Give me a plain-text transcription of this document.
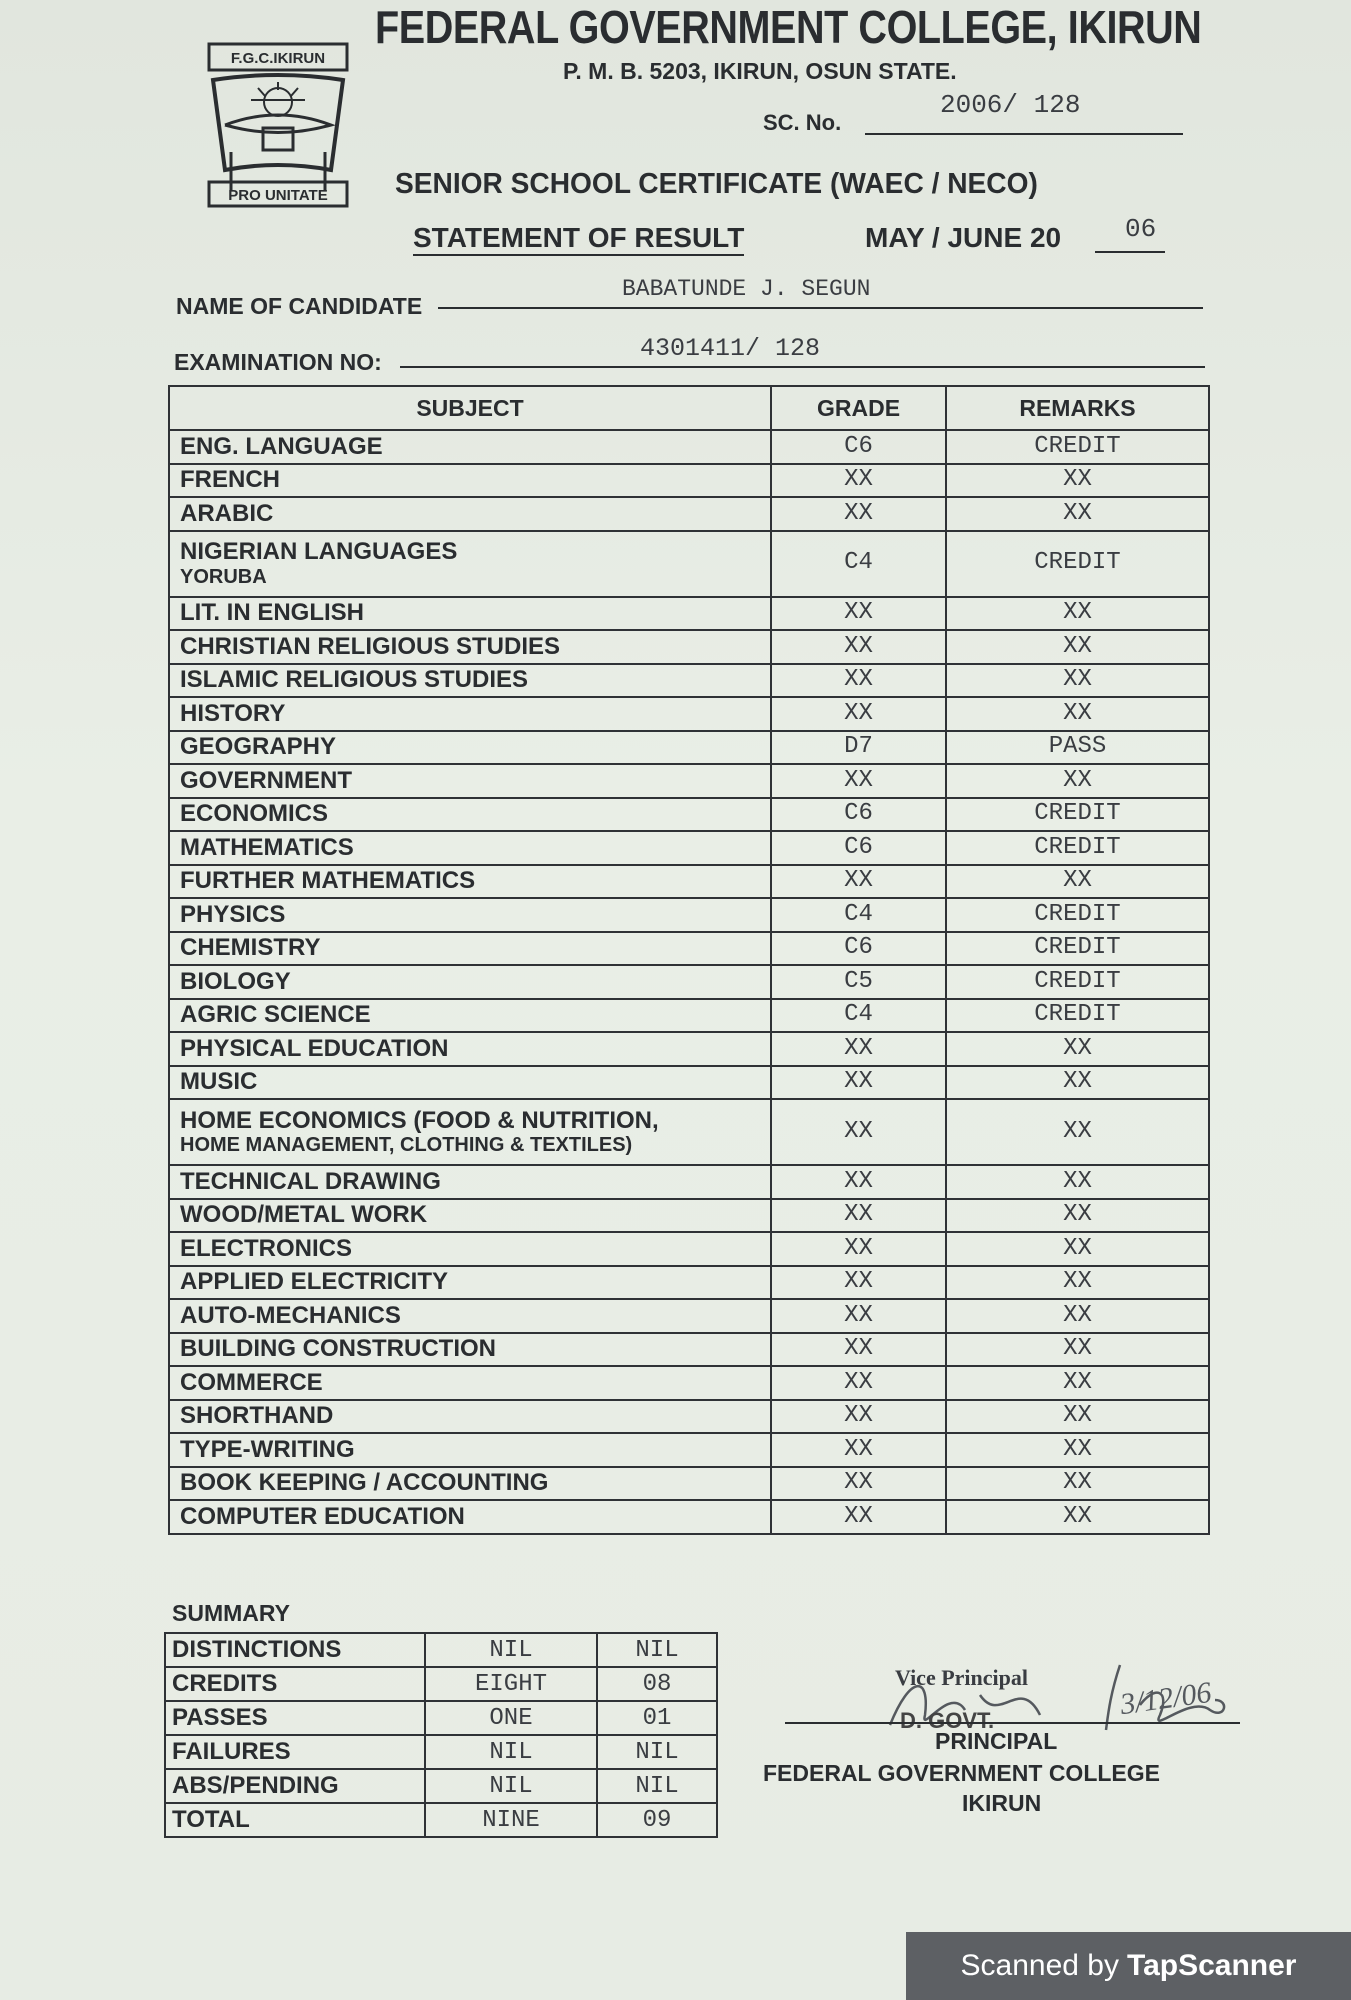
F.G.C.IKIRUN
PRO UNITATE
FEDERAL GOVERNMENT COLLEGE, IKIRUN
P. M. B. 5203, IKIRUN, OSUN STATE.
SC. No.
2006/ 128
SENIOR SCHOOL CERTIFICATE (WAEC / NECO)
STATEMENT OF RESULT	MAY / JUNE 20 06
NAME OF CANDIDATE
BABATUNDE J. SEGUN
EXAMINATION NO:	4301411/ 128
SUBJECT	GRADE	REMARKS

ENG. LANGUAGE	C6	CREDIT

FRENCH	XX	XX

ARABIC	XX	XX

NIGERIAN LANGUAGES
YORUBA	C4	CREDIT

LIT. IN ENGLISH	XX	XX

CHRISTIAN RELIGIOUS STUDIES	XX	XX

ISLAMIC RELIGIOUS STUDIES	XX	XX

HISTORY	XX	XX

GEOGRAPHY	D7	PASS

GOVERNMENT	XX	XX

ECONOMICS	C6	CREDIT

MATHEMATICS	C6	CREDIT

FURTHER MATHEMATICS	XX	XX

PHYSICS	C4	CREDIT

CHEMISTRY	C6	CREDIT

BIOLOGY	C5	CREDIT

AGRIC SCIENCE	C4	CREDIT

PHYSICAL EDUCATION	XX	XX

MUSIC	XX	XX

HOME ECONOMICS (FOOD & NUTRITION,
HOME MANAGEMENT, CLOTHING & TEXTILES)	XX	XX

TECHNICAL DRAWING	XX	XX

WOOD/METAL WORK	XX	XX

ELECTRONICS	XX	XX

APPLIED ELECTRICITY	XX	XX

AUTO-MECHANICS	XX	XX

BUILDING CONSTRUCTION	XX	XX

COMMERCE	XX	XX

SHORTHAND	XX	XX

TYPE-WRITING	XX	XX

BOOK KEEPING / ACCOUNTING	XX	XX

COMPUTER EDUCATION	XX	XX
SUMMARY
DISTINCTIONS	NIL	NIL
CREDITS	EIGHT	08
PASSES	ONE	01
FAILURES	NIL	NIL
ABS/PENDING	NIL	NIL
TOTAL	NINE	09
Vice Principal
D. GOVT.	3/12/06
PRINCIPAL
FEDERAL GOVERNMENT COLLEGE
IKIRUN
Scanned by TapScanner
